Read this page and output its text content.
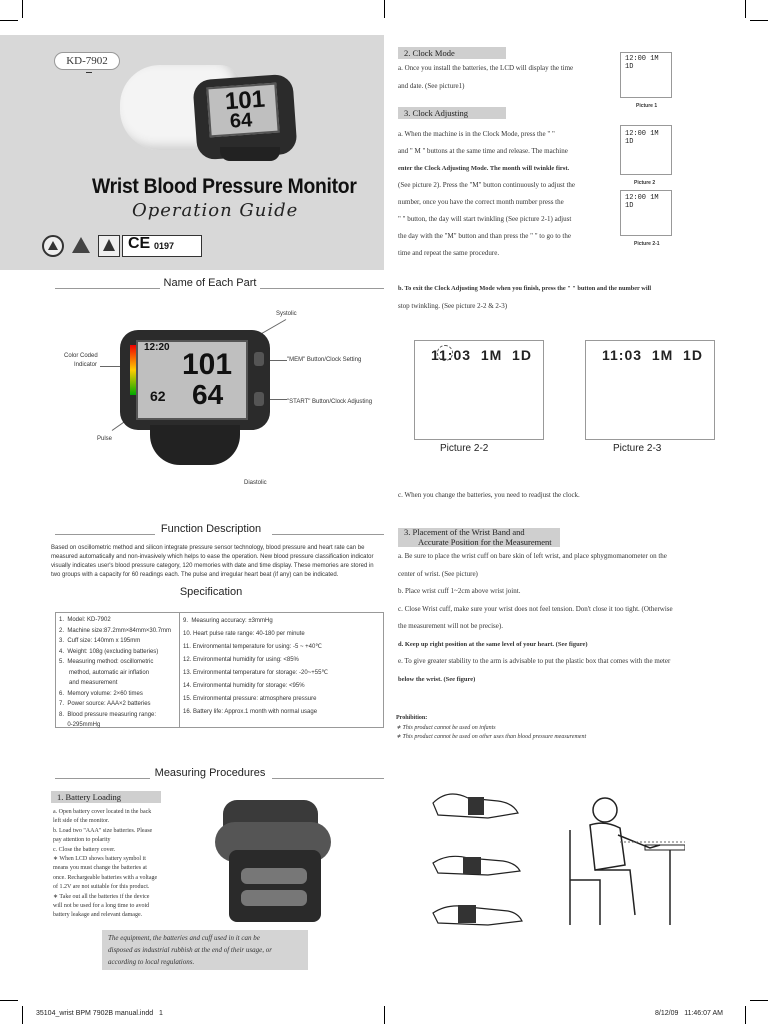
KD-7902
101
64
Wrist Blood Pressure Monitor
Operation Guide
CE 0197
Name of Each Part
Systolic
Color Coded
Indicator
"MEM" Button/Clock Setting
"START" Button/Clock Adjusting
Pulse
Diastolic
12:20
101
64
62
Function Description
Based on oscillometric method and silicon integrate pressure sensor technology, blood pressure and heart rate can be
measured automatically and non-invasively which helps to ease the operation. New blood pressure classification indicator
visually indicates user's blood pressure category, 120 memories with date and time display. These memories are stored in
two groups with a capacity for 60 readings each. The pulse and irregular heart beat (if any) can be indicated.
Specification
1.  Model: KD-7902
2.  Machine size:87.2mm×84mm×30.7mm
3.  Cuff size: 140mm x 195mm
4.  Weight: 108g (excluding batteries)
5.  Measuring method: oscillometric
method, automatic air inflation
and measurement
6.  Memory volume: 2×60 times
7.  Power source: AAA×2 batteries
8.  Blood pressure measuring range:
0-295mmHg
9.  Measuring accuracy: ±3mmHg
10. Heart pulse rate range: 40-180 per minute
11. Environmental temperature for using: -5 ~ +40℃
12. Environmental humidity for using: <85%
13. Environmental temperature for storage: -20~+55℃
14. Environmental humidity for storage: <95%
15. Environmental pressure: atmosphere pressure
16. Battery life: Approx.1 month with normal usage
Measuring Procedures
1. Battery Loading
a. Open battery cover located in the back
left side of the monitor.
b. Load two "AAA" size batteries. Please
pay attention to polarity
c. Close the battery cover.
∗ When LCD shows battery symbol it
means you must change the batteries at
once. Rechargeable batteries with a voltage
of 1.2V are not suitable for this product.
∗ Take out all the batteries if the device
will not be used for a long time to avoid
battery leakage and relevant damage.
The equipment, the batteries and cuff used in it can be
disposed as industrial rubbish at the end of their usage, or
according to local regulations.
2. Clock Mode
a. Once you install the batteries, the LCD will display the time
and date. (See picture1)
12:00 1M 1D
Picture 1
3. Clock Adjusting
a. When the machine is in the Clock Mode, press the " "
and " M " buttons at the same time and release. The machine
enter the Clock Adjusting Mode. The month will twinkle first.
(See picture 2). Press the "M" button continuously to adjust the
number, once you have the correct month number press the
" " button, the day will start twinkling (See picture 2-1) adjust
the day with the "M" button and than press the " " to go to the
time and repeat the same procedure.
12:00 1M 1D
Picture 2
12:00 1M 1D
Picture 2-1
b. To exit the Clock Adjusting Mode when you finish, press the " " button and the number will
stop twinkling. (See picture 2-2 & 2-3)
11:03  1M  1D
Picture 2-2
11:03  1M  1D
Picture 2-3
c. When you change the batteries, you need to readjust the clock.
3. Placement of the Wrist Band and
Accurate Position for the Measurement
a. Be sure to place the wrist cuff on bare skin of left wrist, and place sphygmomanometer on the
center of wrist. (See picture)
b. Place wrist cuff 1~2cm above wrist joint.
c. Close Wrist cuff, make sure your wrist does not feel tension. Don't close it too tight. (Otherwise
the measurement will not be precise).
d. Keep up right position at the same level of your heart. (See figure)
e. To give greater stability to the arm is advisable to put the plastic box that comes with the meter
below the wrist. (See figure)
Prohibition:
∗ This product cannot be used on infants
∗ This product cannot be used on other uses than blood pressure measurement
35104_wrist BPM 7902B manual.indd   1	8/12/09   11:46:07 AM
